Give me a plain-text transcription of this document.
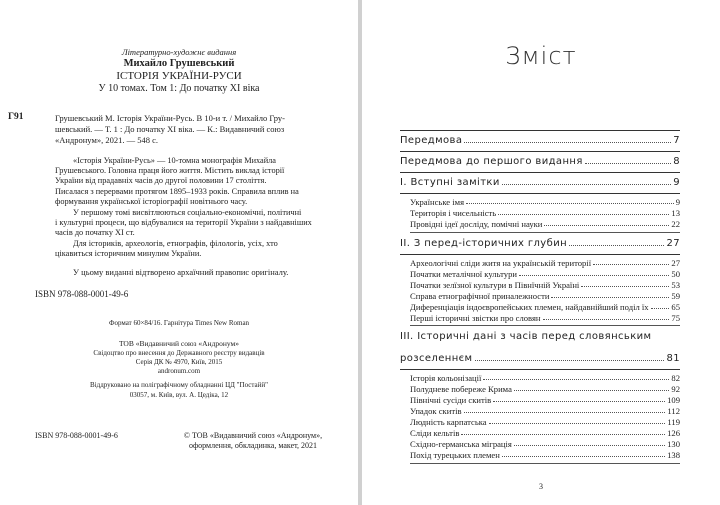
Літературно-художнє видання
Михайло Грушевський
ІСТОРІЯ УКРАЇНИ-РУСИ
У 10 томах. Том 1: До початку ХІ віка
Г91	Грушевський М. Історія України-Русь. В 10-и т. / Михайло Гру-
шевський. — Т. 1 : До початку ХІ віка. — К.: Видавничий союз
«Андронум», 2021. — 548 с.
«Історія України-Русь» — 10-томна монографія Михайла
Грушевського. Головна праця його життя. Містить виклад історії
України від прадавніх часів до другої половини 17 століття.
Писалася з перервами протягом 1895–1933 років. Справила вплив на
формування української історіографії новітнього часу.
У першому томі висвітлюються соціально-економічні, політичні
і культурні процеси, що відбувалися на території України з найдавніших
часів до початку ХІ ст.
Для істориків, археологів, етнографів, філологів, усіх, хто
цікавиться історичним минулим України.
У цьому виданні відтворено архаїчний правопис оригіналу.
ISBN 978-088-0001-49-6
Формат 60×84/16. Гарнітура Times New Roman
ТОВ «Видавничий союз «Андронум»
Свідоцтво про внесення до Державного реєстру видавців
Серія ДК № 4970, Київ, 2015
andronum.com
Віддруковано на поліграфічному обладнанні ЦД "Постайй"
03057, м. Київ, вул. А. Цедіка, 12
ISBN 978-088-0001-49-6	© ТОВ «Видавничий союз «Андронум»,
оформлення, обкладинка, макет, 2021
Зміст
Передмова	7
Передмова до першого видання	8
I. Вступні замітки	9
Українське імя	9
Територія і чисельність	13
Провідні ідеї досліду, помічні науки	22
II. З перед-історичних глубин	27
Археологічні сліди житя на українській території	27
Початки металічної культури	50
Початки зелїзної культури в Півнїчній Україні	53
Справа етнографічної приналежности	59
Диференціація індоєвропейських племен, найдавнійший поділ їх	65
Перші історичні звістки про словян	75
III. Історичні дані з часів перед словянським
розселеннєм	81
Історія кольонізації	82
Полудневе побереже Крима	92
Північні сусіди скитів	109
Упадок скитів	112
Людність карпатська	119
Сліди кельтів	126
Східно-германська міграція	130
Похід турецьких племен	138
3
